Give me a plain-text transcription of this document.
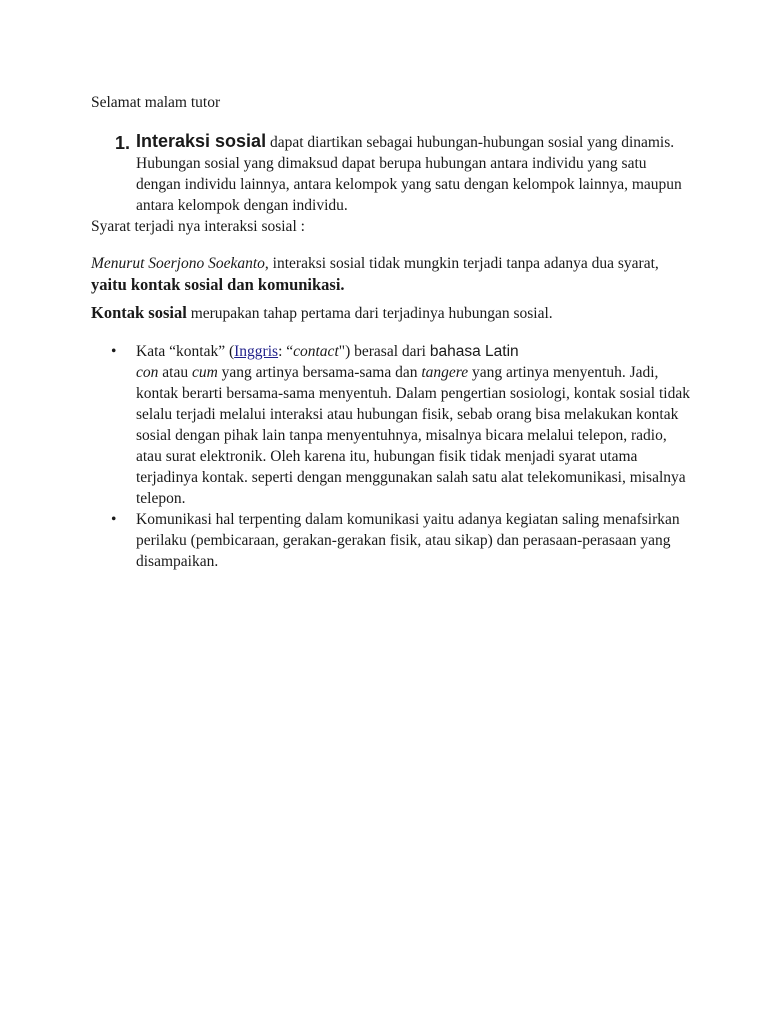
Selamat malam tutor
1. Interaksi sosial dapat diartikan sebagai hubungan-hubungan sosial yang dinamis. Hubungan sosial yang dimaksud dapat berupa hubungan antara individu yang satu dengan individu lainnya, antara kelompok yang satu dengan kelompok lainnya, maupun antara kelompok dengan individu.
Syarat terjadi nya interaksi sosial :
Menurut Soerjono Soekanto, interaksi sosial tidak mungkin terjadi tanpa adanya dua syarat, yaitu kontak sosial dan komunikasi.
Kontak sosial merupakan tahap pertama dari terjadinya hubungan sosial.
• Kata “kontak” (Inggris: “contact") berasal dari bahasa Latin
con atau cum yang artinya bersama-sama dan tangere yang artinya menyentuh. Jadi, kontak berarti bersama-sama menyentuh. Dalam pengertian sosiologi, kontak sosial tidak selalu terjadi melalui interaksi atau hubungan fisik, sebab orang bisa melakukan kontak sosial dengan pihak lain tanpa menyentuhnya, misalnya bicara melalui telepon, radio, atau surat elektronik. Oleh karena itu, hubungan fisik tidak menjadi syarat utama terjadinya kontak. seperti dengan menggunakan salah satu alat telekomunikasi, misalnya telepon.
• Komunikasi hal terpenting dalam komunikasi yaitu adanya kegiatan saling menafsirkan perilaku (pembicaraan, gerakan-gerakan fisik, atau sikap) dan perasaan-perasaan yang disampaikan.
